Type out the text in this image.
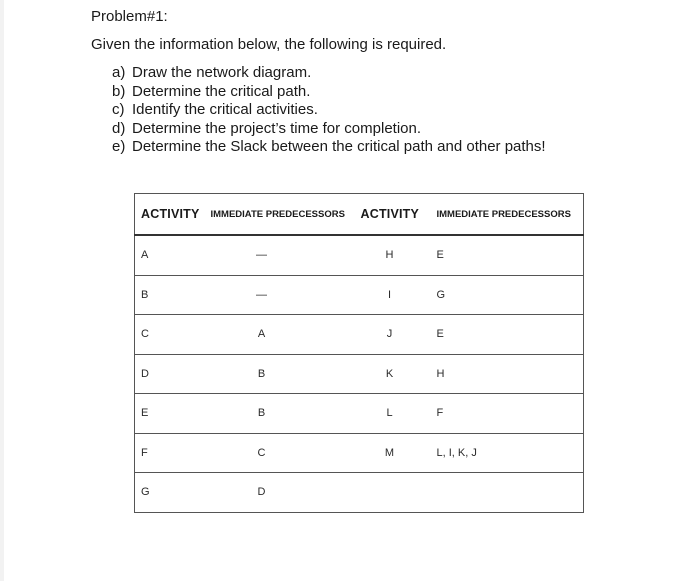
Problem#1:
Given the information below, the following is required.
a) Draw the network diagram.
b) Determine the critical path.
c) Identify the critical activities.
d) Determine the project’s time for completion.
e) Determine the Slack between the critical path and other paths!
ACTIVITY	IMMEDIATE PREDECESSORS	ACTIVITY	IMMEDIATE PREDECESSORS
A	—	H	E
B	—	I	G
C	A	J	E
D	B	K	H
E	B	L	F
F	C	M	L, I, K, J
G	D		
